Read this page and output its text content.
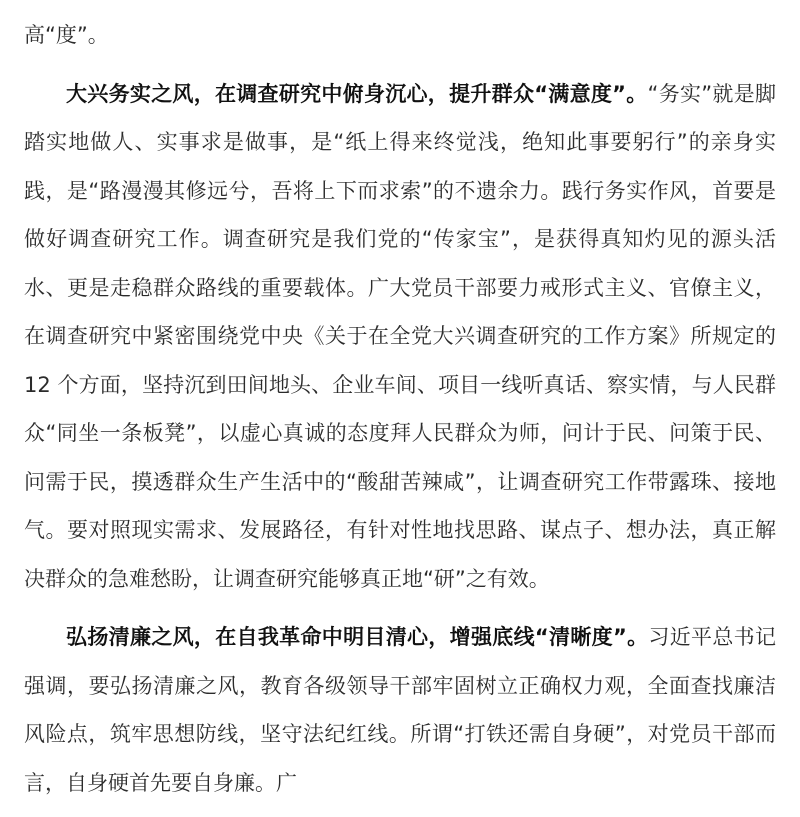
高“度”。

大兴务实之风，在调查研究中俯身沉心，提升群众“满意度”。“务实”就是脚踏实地做人、实事求是做事，是“纸上得来终觉浅，绝知此事要躬行”的亲身实践，是“路漫漫其修远兮，吾将上下而求索”的不遗余力。践行务实作风，首要是做好调查研究工作。调查研究是我们党的“传家宝”，是获得真知灼见的源头活水、更是走稳群众路线的重要载体。广大党员干部要力戒形式主义、官僚主义，在调查研究中紧密围绕党中央《关于在全党大兴调查研究的工作方案》所规定的 12 个方面，坚持沉到田间地头、企业车间、项目一线听真话、察实情，与人民群众“同坐一条板凳”，以虚心真诚的态度拜人民群众为师，问计于民、问策于民、问需于民，摸透群众生产生活中的“酸甜苦辣咸”，让调查研究工作带露珠、接地气。要对照现实需求、发展路径，有针对性地找思路、谋点子、想办法，真正解决群众的急难愁盼，让调查研究能够真正地“研”之有效。

弘扬清廉之风，在自我革命中明目清心，增强底线“清晰度”。习近平总书记强调，要弘扬清廉之风，教育各级领导干部牢固树立正确权力观，全面查找廉洁风险点，筑牢思想防线，坚守法纪红线。所谓“打铁还需自身硬”，对党员干部而言，自身硬首先要自身廉。广
